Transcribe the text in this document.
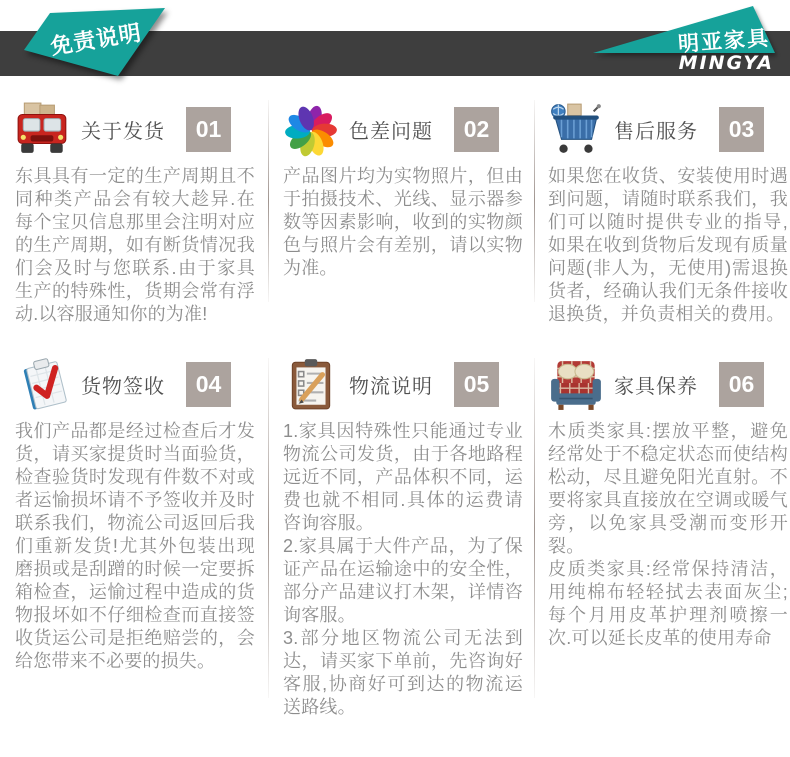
免责说明	明亚家具
MINGYA
关于发货	01

东具具有一定的生产周期且不同种类产品会有较大趁异.在每个宝贝信息那里会注明对应的生产周期，如有断货情况我们会及时与您联系.由于家具生产的特殊性，货期会常有浮动.以容服通知你的为准!

色差问题	02

产品图片均为实物照片，但由于拍摄技术、光线、显示器参数等因素影响，收到的实物颜色与照片会有差别，请以实物为准。

售后服务	03

如果您在收货、安装使用时遇到问题，请随时联系我们，我们可以随时提供专业的指导,如果在收到货物后发现有质量问题(非人为，无使用)需退换货者，经确认我们无条件接收退换货，并负责相关的费用。

货物签收	04

我们产品都是经过检查后才发货，请买家提货时当面验货，检查验货时发现有件数不对或者运愉损坏请不予签收并及时联系我们，物流公司返回后我们重新发货!尤其外包装出现磨损或是刮蹭的时候一定要拆箱检查，运愉过程中造成的货物报坏如不仔细检查而直接签收货运公司是拒绝赔尝的，会给您带来不必要的损失。

物流说明	05

1.家具因特殊性只能通过专业物流公司发货，由于各地路程远近不同，产品体积不同，运费也就不相同.具体的运费请咨询容服。

2.家具属于大件产品，为了保证产品在运输途中的安全性，部分产品建议打木架，详情咨询客服。

3.部分地区物流公司无法到达，请买家下单前，先咨询好客服,协商好可到达的物流运送路线。

家具保养	06

木质类家具:摆放平整，避免经常处于不稳定状态而使结构松动，尽且避免阳光直射。不要将家具直接放在空调或暖气旁，以免家具受潮而变形开裂。

皮质类家具:经常保持清洁，用纯棉布轻轻拭去表面灰尘;每个月用皮革护理剂喷擦一次.可以延长皮革的使用寿命
